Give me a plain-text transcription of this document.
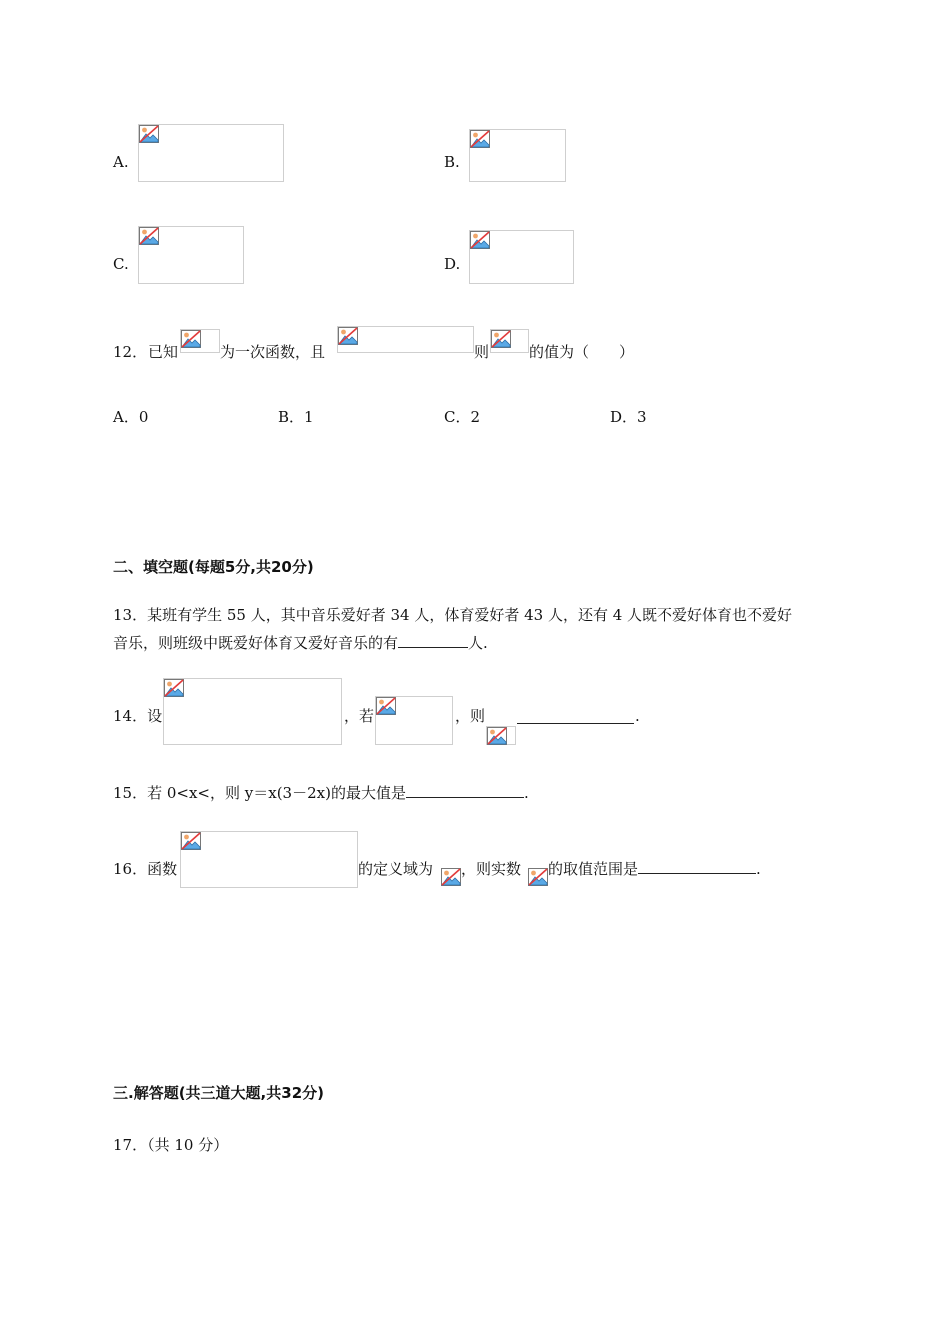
A.	B.
C.	D.
12． 已知	为一次函数，且	则	的值为（　　）
A．0	B．1	C．2	D．3
二、填空题(每题5分,共20分)
13．某班有学生 55 人，其中音乐爱好者 34 人，体育爱好者 43 人，还有 4 人既不爱好体育也不爱好
音乐，则班级中既爱好体育又爱好音乐的有	人.
14．设	，若	，则	.
15．若 0<x<，则 y＝x(3－2x)的最大值是	.
16．函数	的定义域为 ，则实数 的取值范围是	.
三.解答题(共三道大题,共32分)
17．（共 10 分）
